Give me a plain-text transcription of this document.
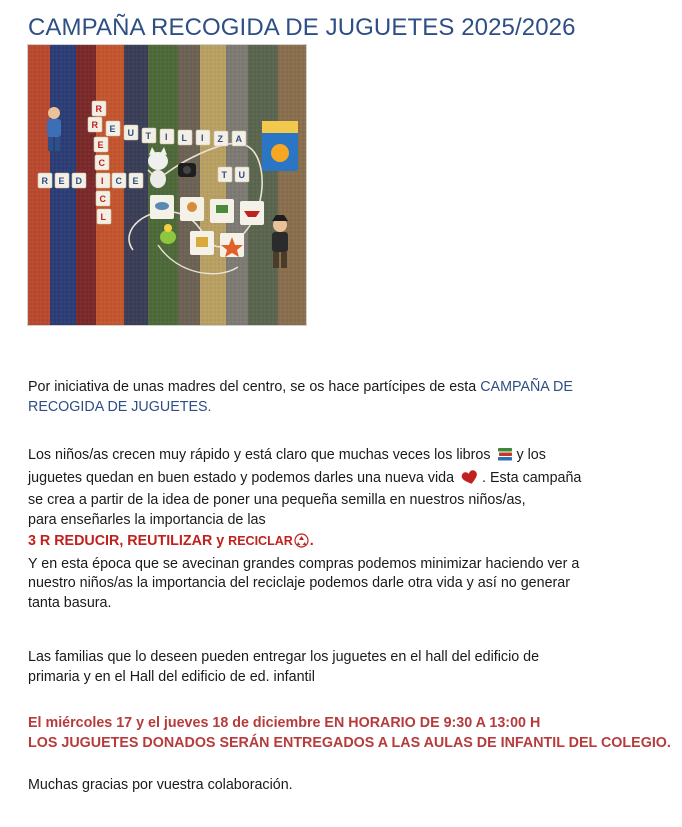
CAMPAÑA RECOGIDA DE JUGUETES 2025/2026
R E U T I L I Z A
R
E
C
I
C
L
R E D	C E
T U

Por iniciativa de unas madres del centro, se os hace partícipes de esta CAMPAÑA DE
RECOGIDA DE JUGUETES.

Los niños/as crecen muy rápido y está claro que muchas veces los libros y los
juguetes quedan en buen estado y podemos darles una nueva vida . Esta campaña
se crea a partir de la idea de poner una pequeña semilla en nuestros niños/as,
para enseñarles la importancia de las
3 R REDUCIR, REUTILIZAR y RECICLAR .
Y en esta época que se avecinan grandes compras podemos minimizar haciendo ver a
nuestro niños/as la importancia del reciclaje podemos darle otra vida y así no generar
tanta basura.

Las familias que lo deseen pueden entregar los juguetes en el hall del edificio de
primaria y en el Hall del edificio de ed. infantil

El miércoles 17 y el jueves 18 de diciembre EN HORARIO DE 9:30 A 13:00 H
LOS JUGUETES DONADOS SERÁN ENTREGADOS A LAS AULAS DE INFANTIL DEL COLEGIO.

Muchas gracias por vuestra colaboración.
